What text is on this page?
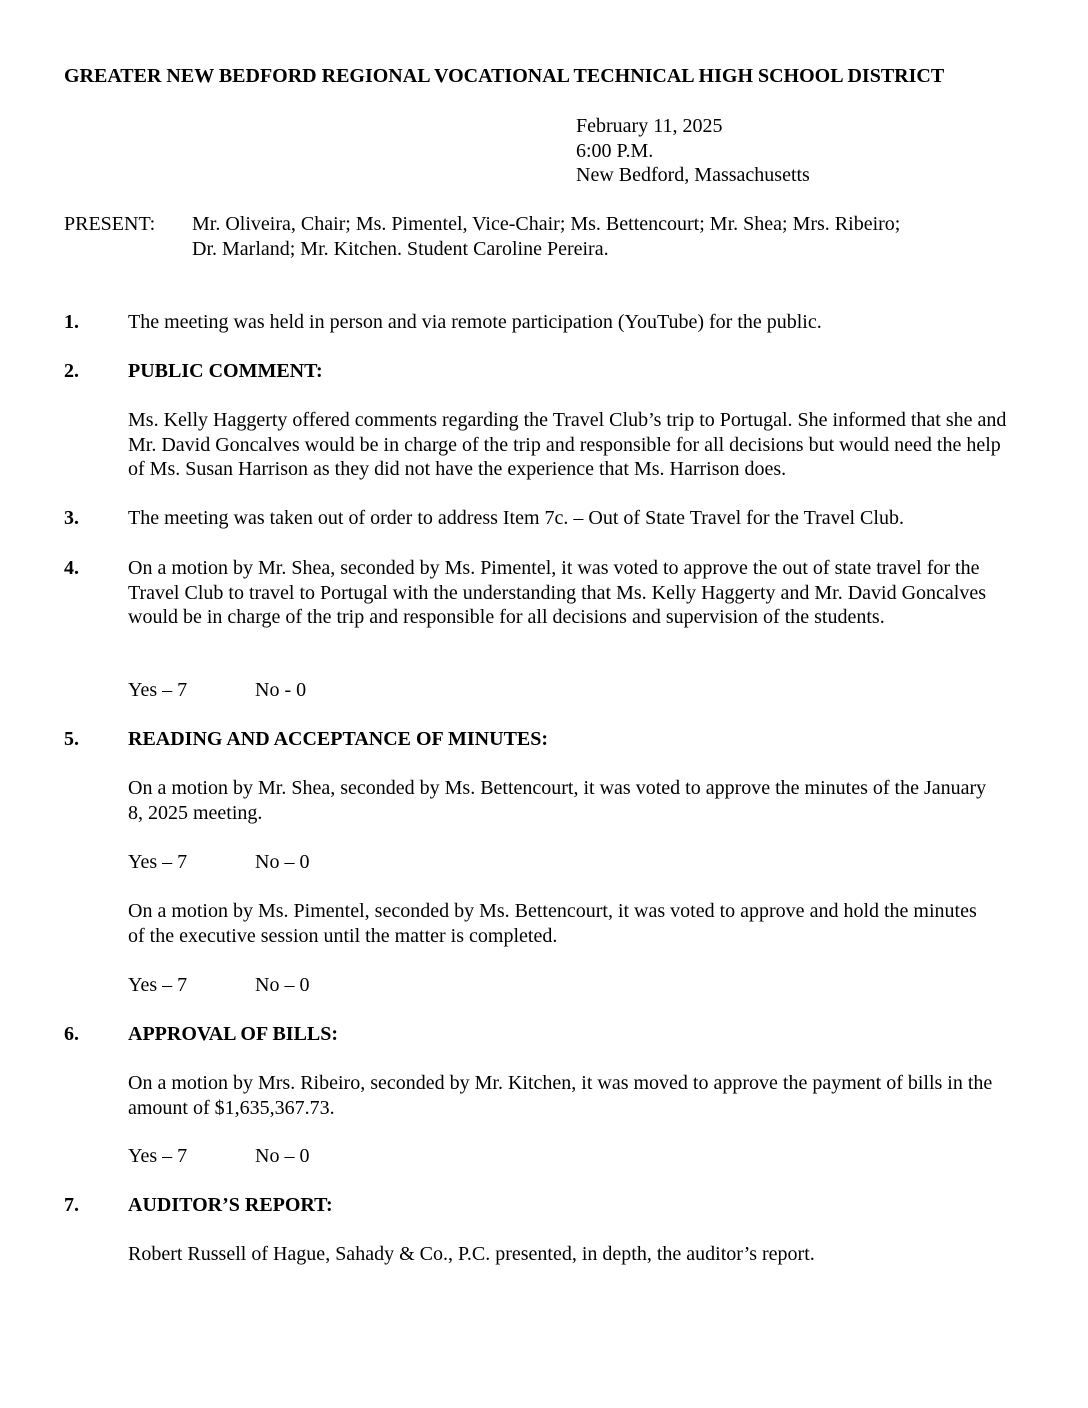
GREATER NEW BEDFORD REGIONAL VOCATIONAL TECHNICAL HIGH SCHOOL DISTRICT
February 11, 2025
6:00 P.M.
New Bedford, Massachusetts
PRESENT: Mr. Oliveira, Chair; Ms. Pimentel, Vice-Chair; Ms. Bettencourt; Mr. Shea; Mrs. Ribeiro;
Dr. Marland; Mr. Kitchen. Student Caroline Pereira.
1. The meeting was held in person and via remote participation (YouTube) for the public.
2. PUBLIC COMMENT:
Ms. Kelly Haggerty offered comments regarding the Travel Club’s trip to Portugal. She informed that she and Mr. David Goncalves would be in charge of the trip and responsible for all decisions but would need the help of Ms. Susan Harrison as they did not have the experience that Ms. Harrison does.
3. The meeting was taken out of order to address Item 7c. – Out of State Travel for the Travel Club.
4. On a motion by Mr. Shea, seconded by Ms. Pimentel, it was voted to approve the out of state travel for the Travel Club to travel to Portugal with the understanding that Ms. Kelly Haggerty and Mr. David Goncalves would be in charge of the trip and responsible for all decisions and supervision of the students.
Yes – 7	No - 0
5. READING AND ACCEPTANCE OF MINUTES:
On a motion by Mr. Shea, seconded by Ms. Bettencourt, it was voted to approve the minutes of the January 8, 2025 meeting.
Yes – 7	No – 0
On a motion by Ms. Pimentel, seconded by Ms. Bettencourt, it was voted to approve and hold the minutes of the executive session until the matter is completed.
Yes – 7	No – 0
6. APPROVAL OF BILLS:
On a motion by Mrs. Ribeiro, seconded by Mr. Kitchen, it was moved to approve the payment of bills in the amount of $1,635,367.73.
Yes – 7	No – 0
7. AUDITOR’S REPORT:
Robert Russell of Hague, Sahady & Co., P.C. presented, in depth, the auditor’s report.
